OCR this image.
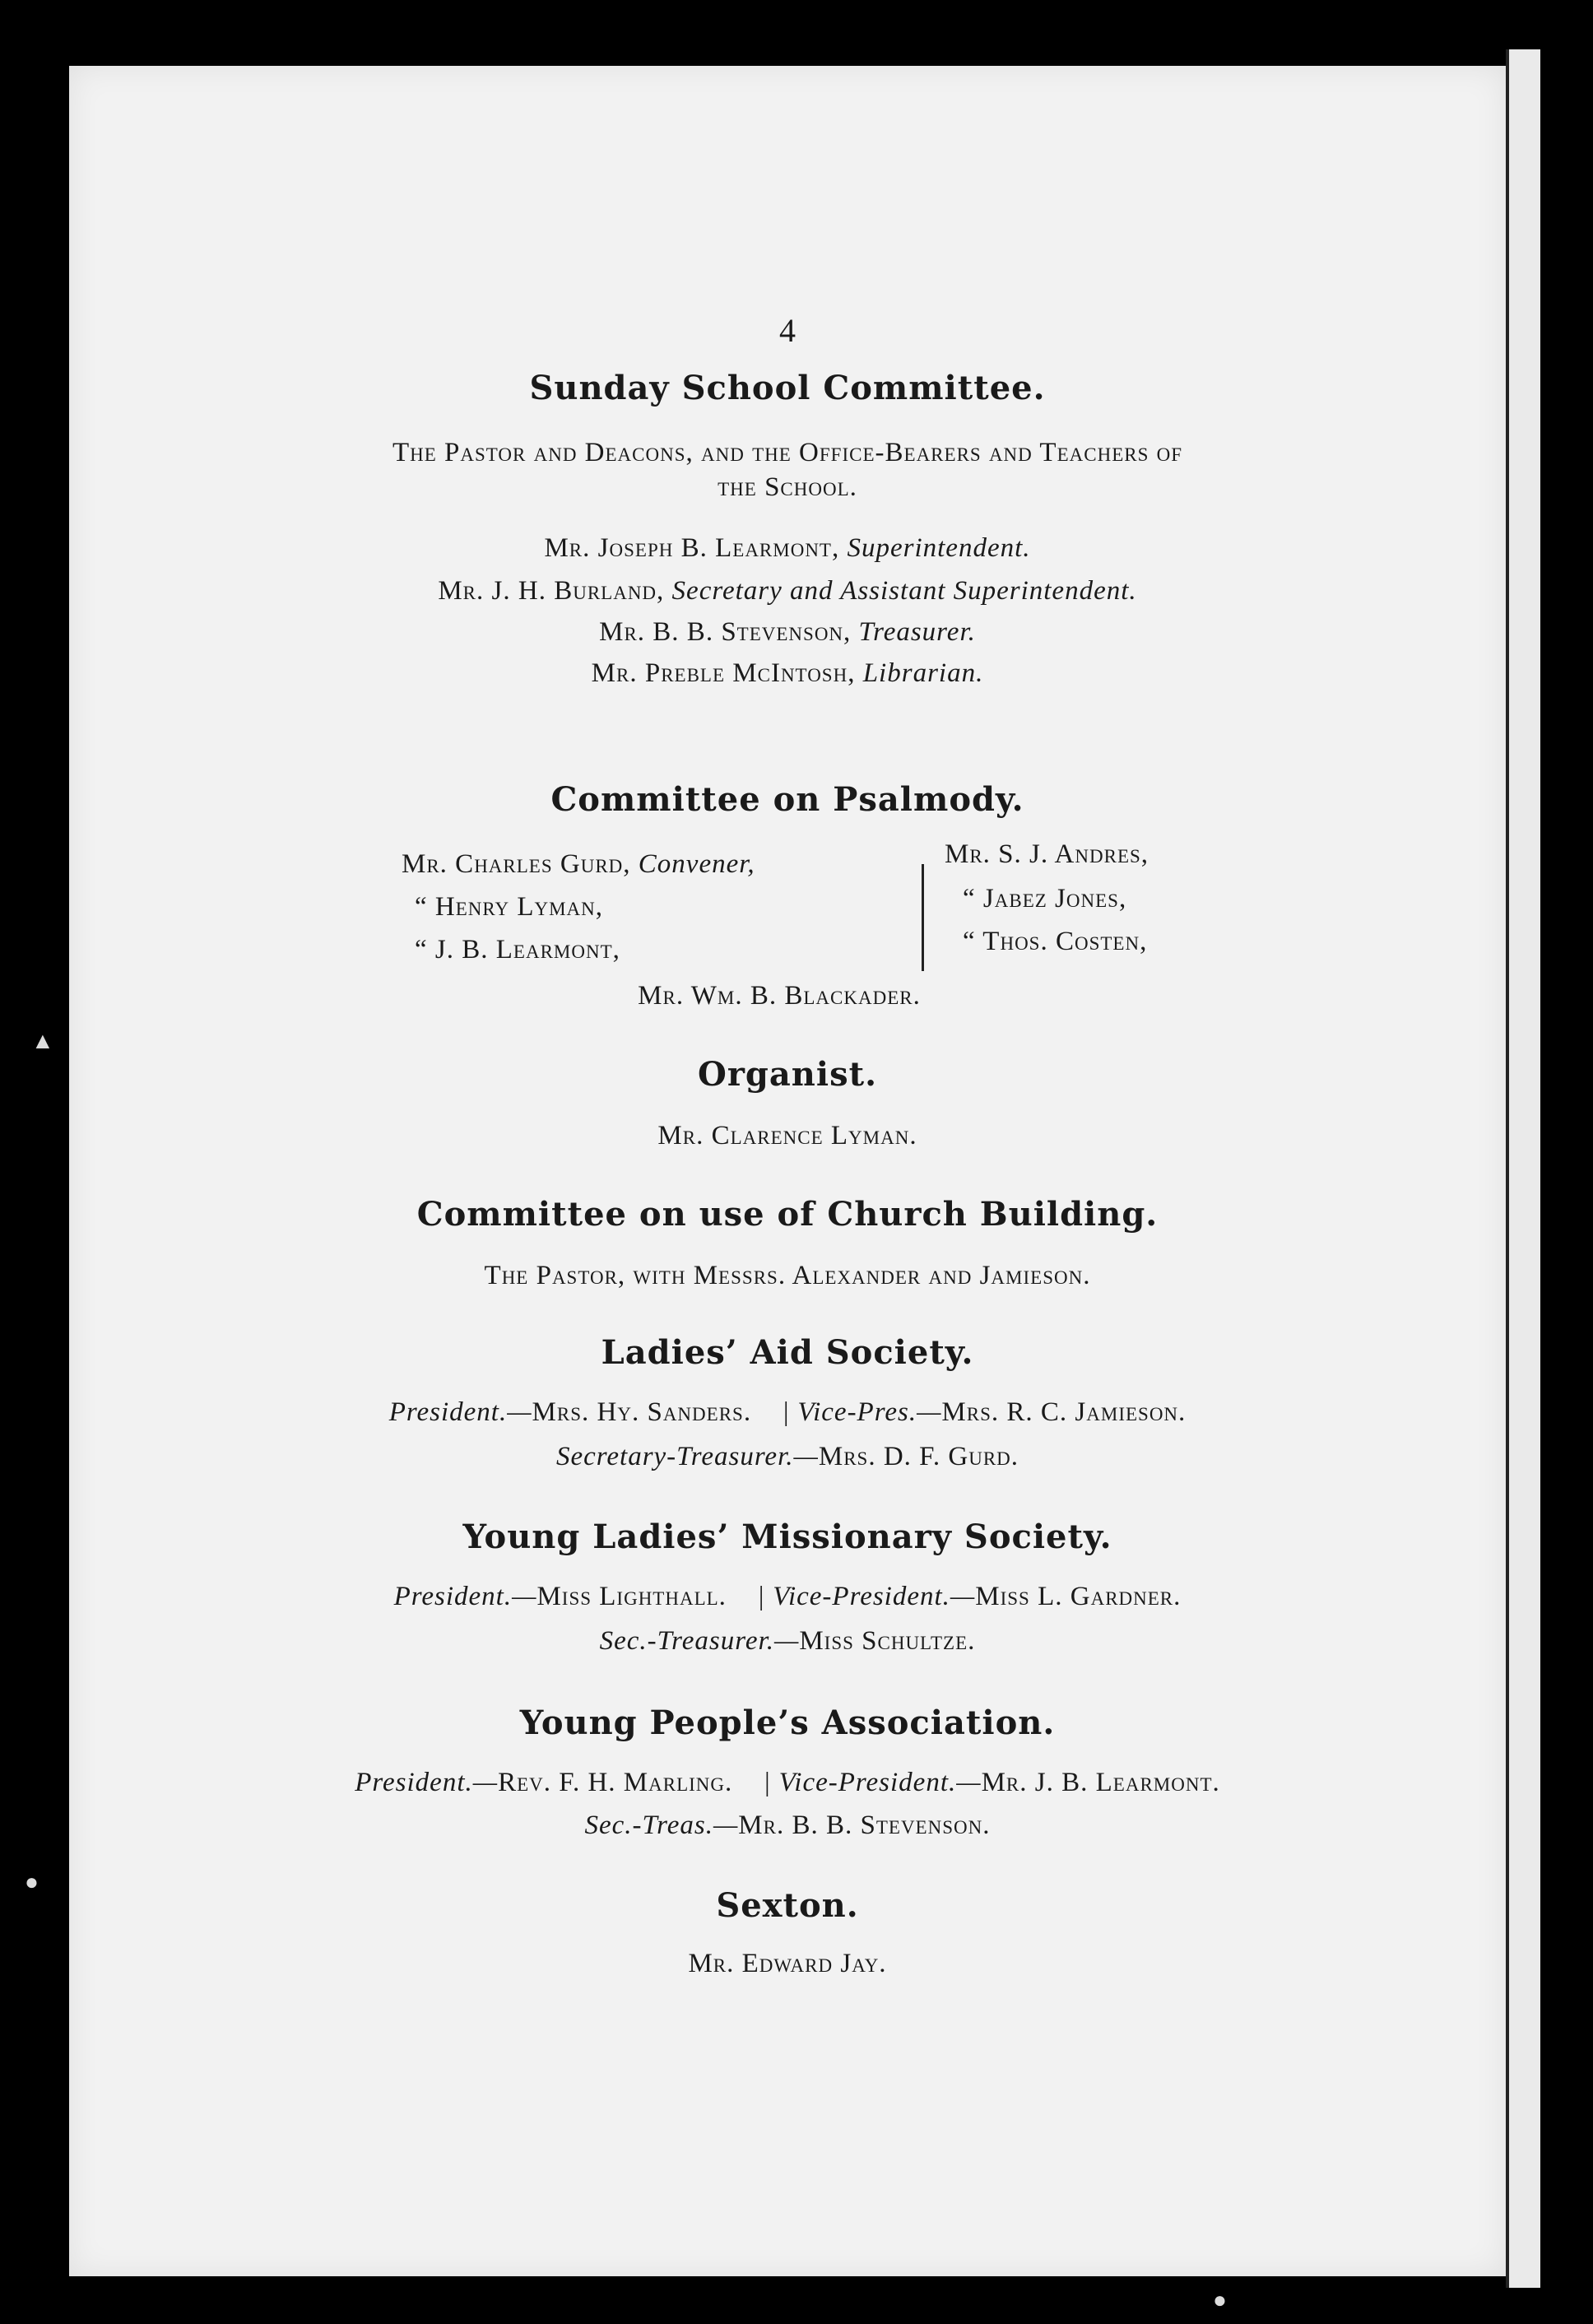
4
Sunday School Committee.
The Pastor and Deacons, and the Office-Bearers and Teachers of
the School.
Mr. Joseph B. Learmont, Superintendent.
Mr. J. H. Burland, Secretary and Assistant Superintendent.
Mr. B. B. Stevenson, Treasurer.
Mr. Preble McIntosh, Librarian.
Committee on Psalmody.
Mr. Charles Gurd, Convener,
“ Henry Lyman,
“ J. B. Learmont,
Mr. S. J. Andres,
“ Jabez Jones,
“ Thos. Costen,
Mr. Wm. B. Blackader.
Organist.
Mr. Clarence Lyman.
Committee on use of Church Building.
The Pastor, with Messrs. Alexander and Jamieson.
Ladies’ Aid Society.
President.—Mrs. Hy. Sanders. | Vice-Pres.—Mrs. R. C. Jamieson.
Secretary-Treasurer.—Mrs. D. F. Gurd.
Young Ladies’ Missionary Society.
President.—Miss Lighthall. | Vice-President.—Miss L. Gardner.
Sec.-Treasurer.—Miss Schultze.
Young People’s Association.
President.—Rev. F. H. Marling. | Vice-President.—Mr. J. B. Learmont.
Sec.-Treas.—Mr. B. B. Stevenson.
Sexton.
Mr. Edward Jay.
▲
●
●
